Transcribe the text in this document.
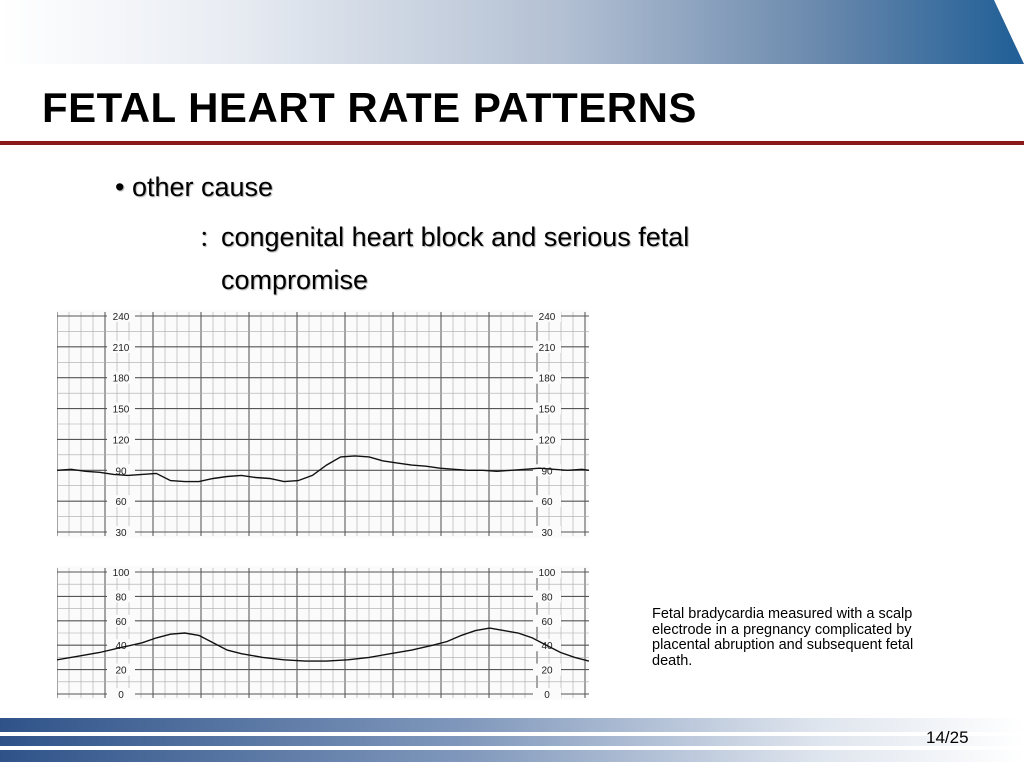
FETAL HEART RATE PATTERNS
• other cause
：
congenital heart block and serious fetal
compromise
240
210
180
150
120
90
60
30
240
210
180
150
120
90
60
30
100
80
60
40
20
0
100
80
60
40
20
0
Fetal bradycardia measured with a scalp electrode in a pregnancy complicated by placental abruption and subsequent fetal death.
14/25
